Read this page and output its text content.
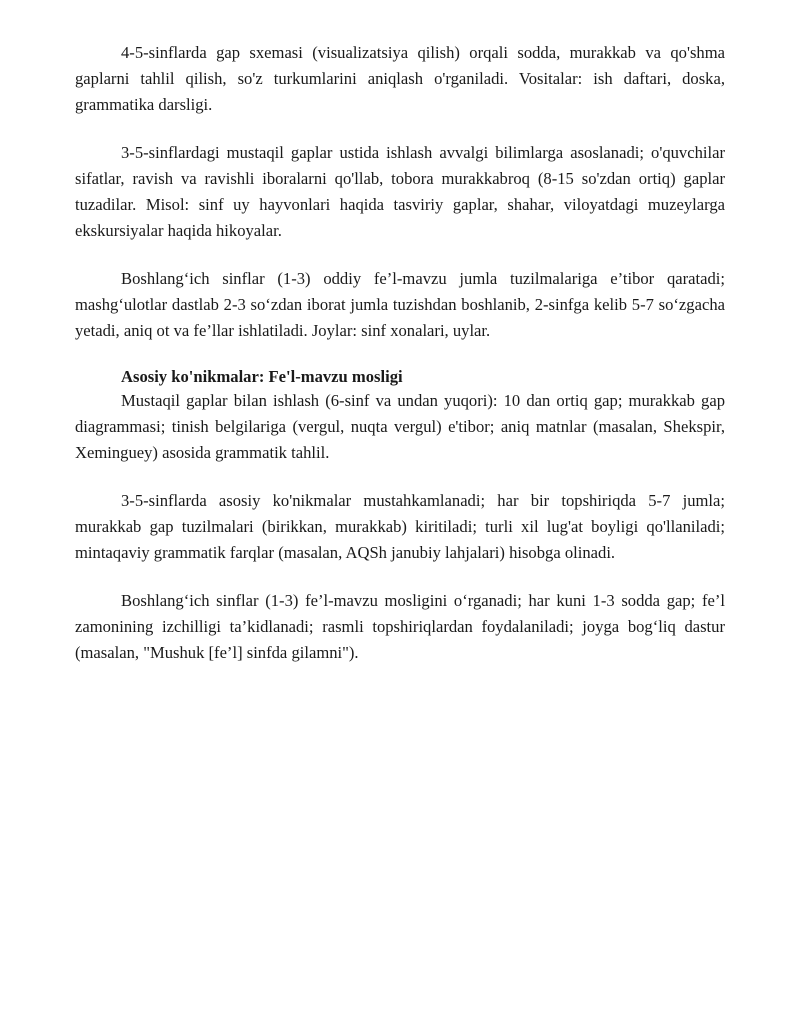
4-5-sinflarda gap sxemasi (visualizatsiya qilish) orqali sodda, murakkab va qo'shma gaplarni tahlil qilish, so'z turkumlarini aniqlash o'rganiladi. Vositalar: ish daftari, doska, grammatika darsligi.

3-5-sinflardagi mustaqil gaplar ustida ishlash avvalgi bilimlarga asoslanadi; o'quvchilar sifatlar, ravish va ravishli iboralarni qo'llab, tobora murakkabroq (8-15 so'zdan ortiq) gaplar tuzadilar. Misol: sinf uy hayvonlari haqida tasviriy gaplar, shahar, viloyatdagi muzeylarga ekskursiyalar haqida hikoyalar.

Boshlang‘ich sinflar (1-3) oddiy fe’l-mavzu jumla tuzilmalariga e’tibor qaratadi; mashg‘ulotlar dastlab 2-3 so‘zdan iborat jumla tuzishdan boshlanib, 2-sinfga kelib 5-7 so‘zgacha yetadi, aniq ot va fe’llar ishlatiladi. Joylar: sinf xonalari, uylar.

Asosiy ko'nikmalar: Fe'l-mavzu mosligi

Mustaqil gaplar bilan ishlash (6-sinf va undan yuqori): 10 dan ortiq gap; murakkab gap diagrammasi; tinish belgilariga (vergul, nuqta vergul) e'tibor; aniq matnlar (masalan, Shekspir, Xeminguey) asosida grammatik tahlil.

3-5-sinflarda asosiy ko'nikmalar mustahkamlanadi; har bir topshiriqda 5-7 jumla; murakkab gap tuzilmalari (birikkan, murakkab) kiritiladi; turli xil lug'at boyligi qo'llaniladi; mintaqaviy grammatik farqlar (masalan, AQSh janubiy lahjalari) hisobga olinadi.

Boshlang‘ich sinflar (1-3) fe’l-mavzu mosligini o‘rganadi; har kuni 1-3 sodda gap; fe’l zamonining izchilligi ta’kidlanadi; rasmli topshiriqlardan foydalaniladi; joyga bog‘liq dastur (masalan, "Mushuk [fe’l] sinfda gilamni").
